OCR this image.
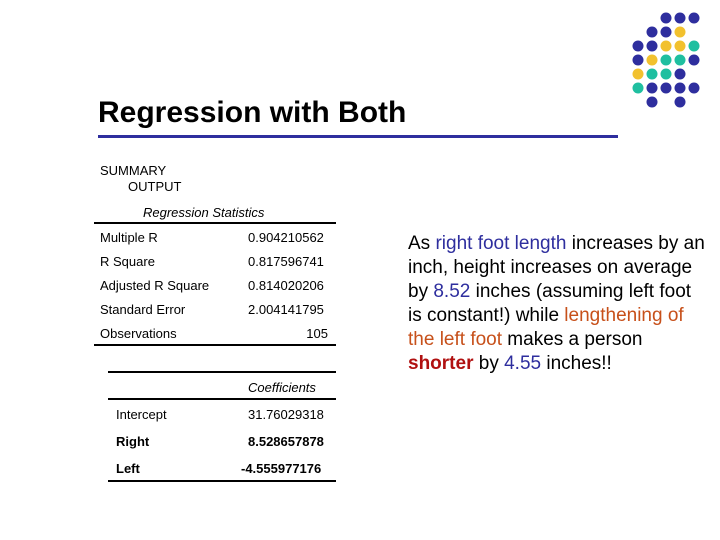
Regression with Both
SUMMARY
OUTPUT
Regression Statistics
Multiple R	0.904210562
R Square	0.817596741
Adjusted R Square	0.814020206
Standard Error	2.004141795
Observations	105
Coefficients
Intercept	31.76029318
Right	8.528657878
Left	-4.555977176
As right foot length increases by an inch, height increases on average by 8.52 inches (assuming left foot is constant!) while lengthening of the left foot makes a person shorter by 4.55 inches!!
